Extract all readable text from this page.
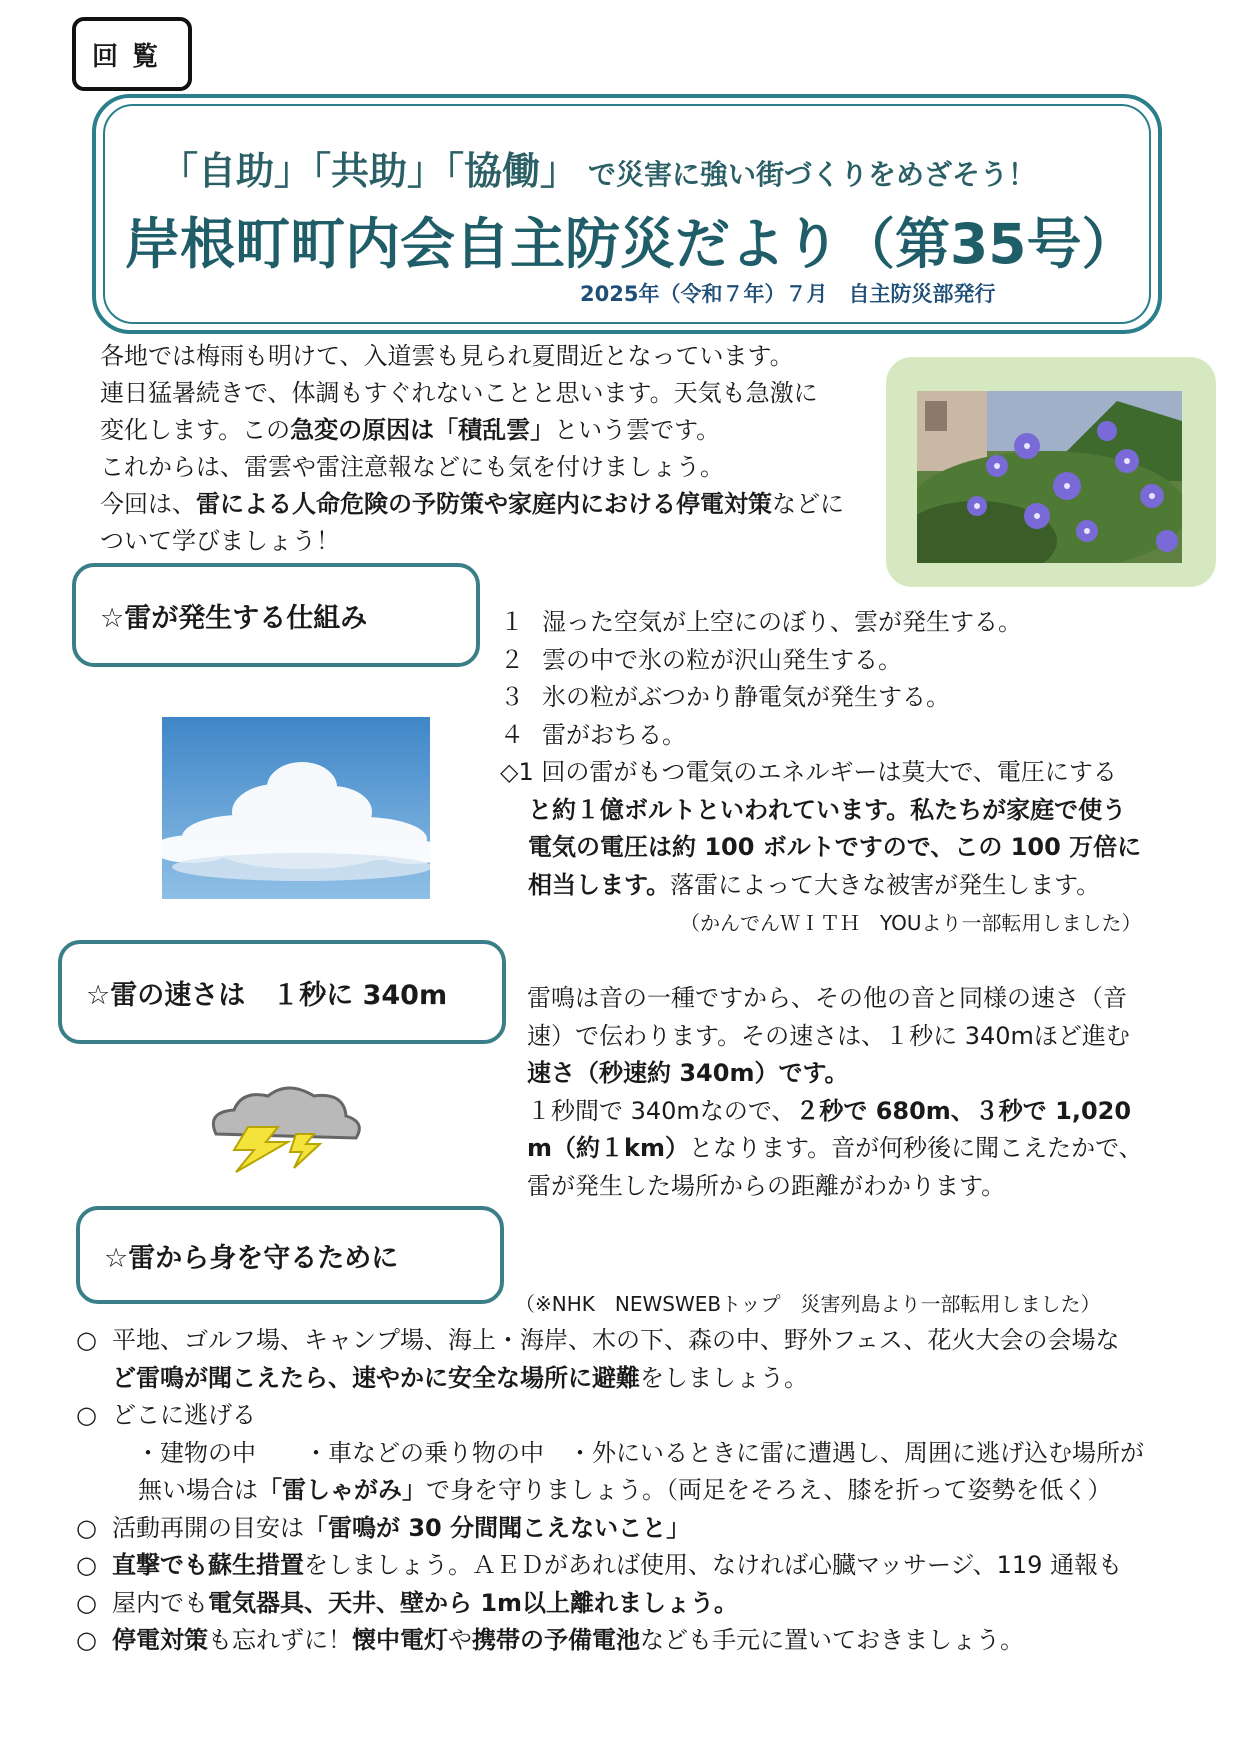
回覧
「自助」「共助」「協働」 で災害に強い街づくりをめざそう！
岸根町町内会自主防災だより（第35号）
2025年（令和７年）７月　自主防災部発行

各地では梅雨も明けて、入道雲も見られ夏間近となっています。

連日猛暑続きで、体調もすぐれないことと思います。天気も急激に

変化します。この急変の原因は「積乱雲」という雲です。

これからは、雷雲や雷注意報などにも気を付けましょう。

今回は、雷による人命危険の予防策や家庭内における停電対策などに

ついて学びましょう！

☆雷が発生する仕組み	１ 湿った空気が上空にのぼり、雲が発生する。
２ 雲の中で氷の粒が沢山発生する。
３ 氷の粒がぶつかり静電気が発生する。
４ 雷がおちる。
◇1 回の雷がもつ電気のエネルギーは莫大で、電圧にする
と約１億ボルトといわれています。私たちが家庭で使う
電気の電圧は約 100 ボルトですので、この 100 万倍に
相当します。落雷によって大きな被害が発生します。
（かんでんＷＩＴＨ　YOUより一部転用しました）
☆雷の速さは　１秒に 340m	雷鳴は音の一種ですから、その他の音と同様の速さ（音
速）で伝わります。その速さは、１秒に 340mほど進む
速さ（秒速約 340m）です。
１秒間で 340mなので、２秒で 680m、３秒で 1,020
m（約１km）となります。音が何秒後に聞こえたかで、
雷が発生した場所からの距離がわかります。
☆雷から身を守るために
（※NHK　NEWSWEBトップ　災害列島より一部転用しました）
○ 平地、ゴルフ場、キャンプ場、海上・海岸、木の下、森の中、野外フェス、花火大会の会場な
ど雷鳴が聞こえたら、速やかに安全な場所に避難をしましょう。
○ どこに逃げる
・建物の中　　・車などの乗り物の中　・外にいるときに雷に遭遇し、周囲に逃げ込む場所が
無い場合は「雷しゃがみ」で身を守りましょう。（両足をそろえ、膝を折って姿勢を低く）
○ 活動再開の目安は「雷鳴が 30 分間聞こえないこと」
○ 直撃でも蘇生措置をしましょう。ＡＥＤがあれば使用、なければ心臓マッサージ、119 通報も
○ 屋内でも電気器具、天井、壁から 1m以上離れましょう。
○ 停電対策も忘れずに！懐中電灯や携帯の予備電池なども手元に置いておきましょう。
